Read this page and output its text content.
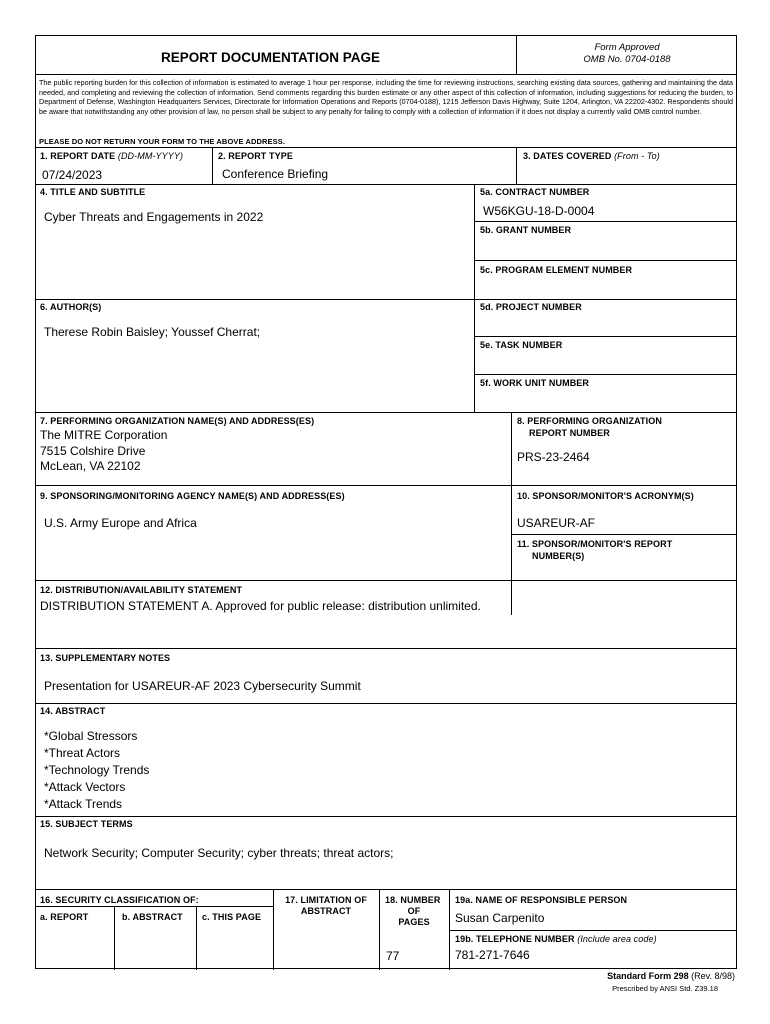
REPORT DOCUMENTATION PAGE
Form Approved
OMB No. 0704-0188
The public reporting burden for this collection of information is estimated to average 1 hour per response, including the time for reviewing instructions, searching existing data sources, gathering and maintaining the data needed, and completing and reviewing the collection of information. Send comments regarding this burden estimate or any other aspect of this collection of information, including suggestions for reducing the burden, to Department of Defense, Washington Headquarters Services, Directorate for Information Operations and Reports (0704-0188), 1215 Jefferson Davis Highway, Suite 1204, Arlington, VA 22202-4302. Respondents should be aware that notwithstanding any other provision of law, no person shall be subject to any penalty for failing to comply with a collection of information if it does not display a currently valid OMB control number.
PLEASE DO NOT RETURN YOUR FORM TO THE ABOVE ADDRESS.
1. REPORT DATE (DD-MM-YYYY)
07/24/2023
2. REPORT TYPE
Conference Briefing
3. DATES COVERED (From - To)
4. TITLE AND SUBTITLE
Cyber Threats and Engagements in 2022
5a. CONTRACT NUMBER
W56KGU-18-D-0004
5b. GRANT NUMBER
5c. PROGRAM ELEMENT NUMBER
6. AUTHOR(S)
Therese Robin Baisley; Youssef Cherrat;
5d. PROJECT NUMBER
5e. TASK NUMBER
5f. WORK UNIT NUMBER
7. PERFORMING ORGANIZATION NAME(S) AND ADDRESS(ES)
The MITRE Corporation
7515 Colshire Drive
McLean, VA 22102
8. PERFORMING ORGANIZATION
REPORT NUMBER
PRS-23-2464
9. SPONSORING/MONITORING AGENCY NAME(S) AND ADDRESS(ES)
U.S. Army Europe and Africa
10. SPONSOR/MONITOR'S ACRONYM(S)
USAREUR-AF
11. SPONSOR/MONITOR'S REPORT
NUMBER(S)
12. DISTRIBUTION/AVAILABILITY STATEMENT
DISTRIBUTION STATEMENT A. Approved for public release: distribution unlimited.
13. SUPPLEMENTARY NOTES
Presentation for USAREUR-AF 2023 Cybersecurity Summit
14. ABSTRACT
*Global Stressors
*Threat Actors
*Technology Trends
*Attack Vectors
*Attack Trends
15. SUBJECT TERMS
Network Security; Computer Security; cyber threats; threat actors;
16. SECURITY CLASSIFICATION OF:
a. REPORT	b. ABSTRACT c. THIS PAGE
17. LIMITATION OF
ABSTRACT
18. NUMBER
OF
PAGES
77
19a. NAME OF RESPONSIBLE PERSON
Susan Carpenito
19b. TELEPHONE NUMBER (Include area code)
781-271-7646
Standard Form 298 (Rev. 8/98)
Prescribed by ANSI Std. Z39.18
